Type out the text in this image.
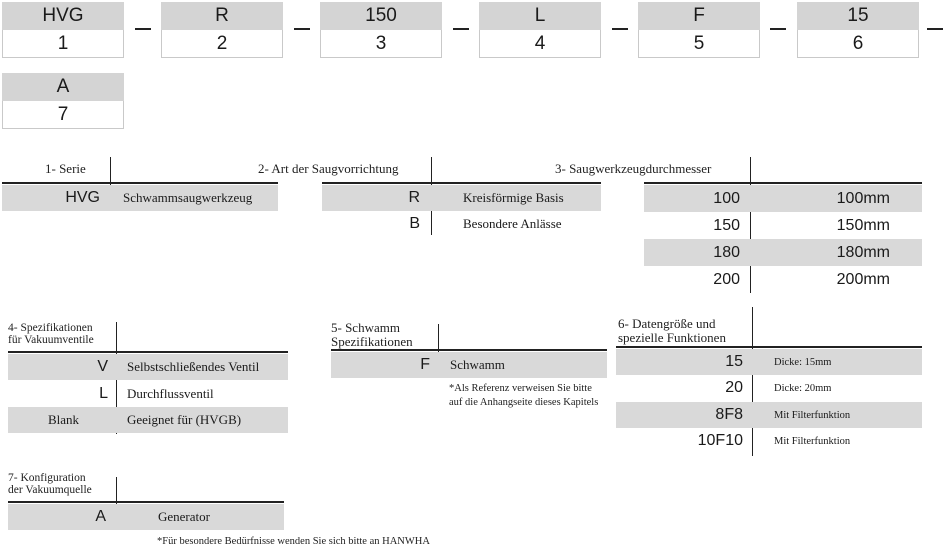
HVG
1
R
2
150
3
L
4
F
5
15
6
A
7
1- Serie
HVG Schwammsaugwerkzeug
2- Art der Saugvorrichtung
R	Kreisförmige Basis
B	Besondere Anlässe
3- Saugwerkzeugdurchmesser
100	100mm
150	150mm
180	180mm
200	200mm
4- Spezifikationen
für Vakuumventile
V Selbstschließendes Ventil
L Durchflussventil
Blank	Geeignet für (HVGB)
5- Schwamm
Spezifikationen
F Schwamm
*Als Referenz verweisen Sie bitte
auf die Anhangseite dieses Kapitels
6- Datengröße und
spezielle Funktionen
15	Dicke: 15mm
20	Dicke: 20mm
8F8	Mit Filterfunktion
10F10	Mit Filterfunktion
7- Konfiguration
der Vakuumquelle
A	Generator
*Für besondere Bedürfnisse wenden Sie sich bitte an HANWHA
